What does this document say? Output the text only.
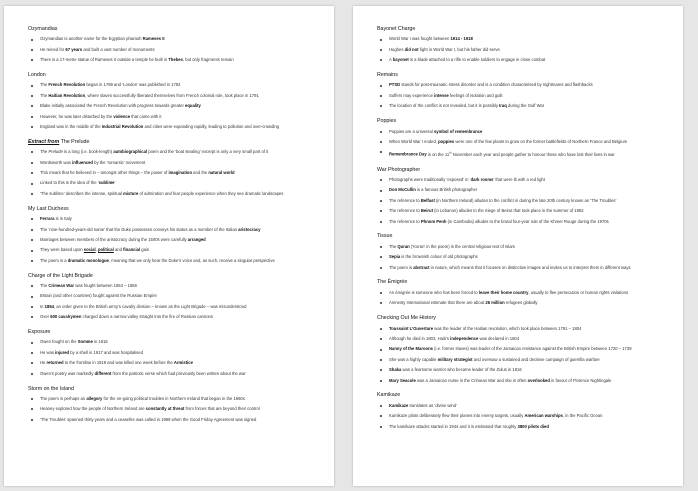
Ozymandias
Ozymandias is another name for the Egyptian pharaoh Rameses II
He reined for 67 years and built a vast number of monuments
There is a 17-metre statue of Rameses II outside a temple he built in Thebes, but only fragments remain
London
The French Revolution began in 1789 and ‘London’ was published in 1792
The Haitian Revolution, where slaves successfully liberated themselves from French colonial rule, took place in 1791
Blake initially associated the French Revolution with progress towards greater equality
However, he was later disturbed by the violence that came with it
England was in the middle of the Industrial Revolution and cities were expanding rapidly, leading to pollution and over-crowding
Extract from The Prelude
The Prelude is a long (i.e. book-length) autobiographical poem and the ‘boat stealing’ excerpt is only a very small part of it
Wordsworth was influenced by the ‘romantic’ movement
This meant that he believed in – amongst other things – the power of imagination and the natural world
Linked to this is the idea of the ‘sublime’
‘The sublime’ describes the intense, spiritual mixture of admiration and fear people experience when they see dramatic landscapes
My Last Duchess
Ferrara is in Italy
The ‘nine-hundred-years-old name’ that the Duke possesses conveys his status as a member of the Italian aristocracy
Marriages between members of the aristocracy during the 1500s were carefully arranged
They were based upon social, political and financial gain
The poem is a dramatic monologue, meaning that we only hear the Duke’s voice and, as such, receive a singular perspective
Charge of the Light Brigade
The Crimean War was fought between 1853 – 1856
Britain (and other countries) fought against the Russian Empire
In 1854, an order given to the British army’s cavalry division – known as the Light Brigade – was misunderstood
Over 600 cavalrymen charged down a narrow valley straight into the fire of Russian cannons
Exposure
Owen fought on the Somme in 1916
He was injured by a shell in 1917 and was hospitalised
He returned to the frontline in 1918 and was killed one week before the Armistice
Owen’s poetry was markedly different from the patriotic verse which had previously been written about the war
Storm on the Island
The poem is perhaps an allegory for the on-going political troubles in Northern Ireland that began in the 1960s
Heaney explored how the people of Northern Ireland are constantly at threat from forces that are beyond their control
‘The Troubles’ spanned thirty years and a ceasefire was called in 1998 when the Good Friday Agreement was signed
Bayonet Charge
World War I was fought between 1914 - 1918
Hughes did not fight in World War I, but his father did serve
A bayonet is a blade attached to a rifle to enable soldiers to engage in close combat
Remains
PTSD stands for post-traumatic stress disorder and is a condition characterised by nightmares and flashbacks
Suffers may experience intense feelings of isolation and guilt
The location of the conflict is not revealed, but it is possibly Iraq during the Gulf War
Poppies
Poppies are a universal symbol of remembrance
When World War I ended, poppies were one of the few plants to grow on the former battlefields of Northern France and Belgium
Remembrance Day is on the 11th November each year and people gather to honour those who have lost their lives in war
War Photographer
Photographs were traditionally ‘exposed’ in ‘dark rooms’ that were lit with a red light
Don McCullin is a famous British photographer
The reference to Belfast (in Northern Ireland) alludes to the conflict in during the late 20th century known as ‘The Troubles’
The reference to Beirut (in Lebanon) alludes to the Siege of Beirut that took place in the summer of 1982
The reference to Phnom Penh (in Cambodia) alludes to the brutal four-year rule of the Khmer Rouge during the 1970s
Tissue
The Quran (‘Koran’ in the poem) is the central religious text of Islam
Sepia is the brownish colour of old photographs
The poem is abstract in nature, which means that it focuses on distinctive images and invites us to interpret them in different ways
The Émigrée
An émigrée is someone who has been forced to leave their home country, usually to flee persecution or human rights violations
Amnesty International estimate that there are about 26 million refugees globally
Checking Out Me History
Toussaint L’Ouverture was the leader of the Haitian revolution, which took place between 1791 – 1804
Although he died in 1803, Haiti’s independence was declared in 1804
Nanny of the Maroons (i.e. former slaves) was leader of the Jamaican resistance against the British Empire between 1720 – 1739
She was a highly capable military strategist and oversaw a sustained and decisive campaign of guerrilla warfare
Shaka was a fearsome warrior who became leader of the Zulus in 1816
Mary Seacole was a Jamaican nurse in the Crimean War and she is often overlooked in favour of Florence Nightingale
Kamikaze
Kamikaze translates as ‘divine wind’
Kamikaze pilots deliberately flew their planes into enemy targets, usually American warships, in the Pacific Ocean
The kamikaze attacks started in 1944 and it is estimated that roughly 3800 pilots died
